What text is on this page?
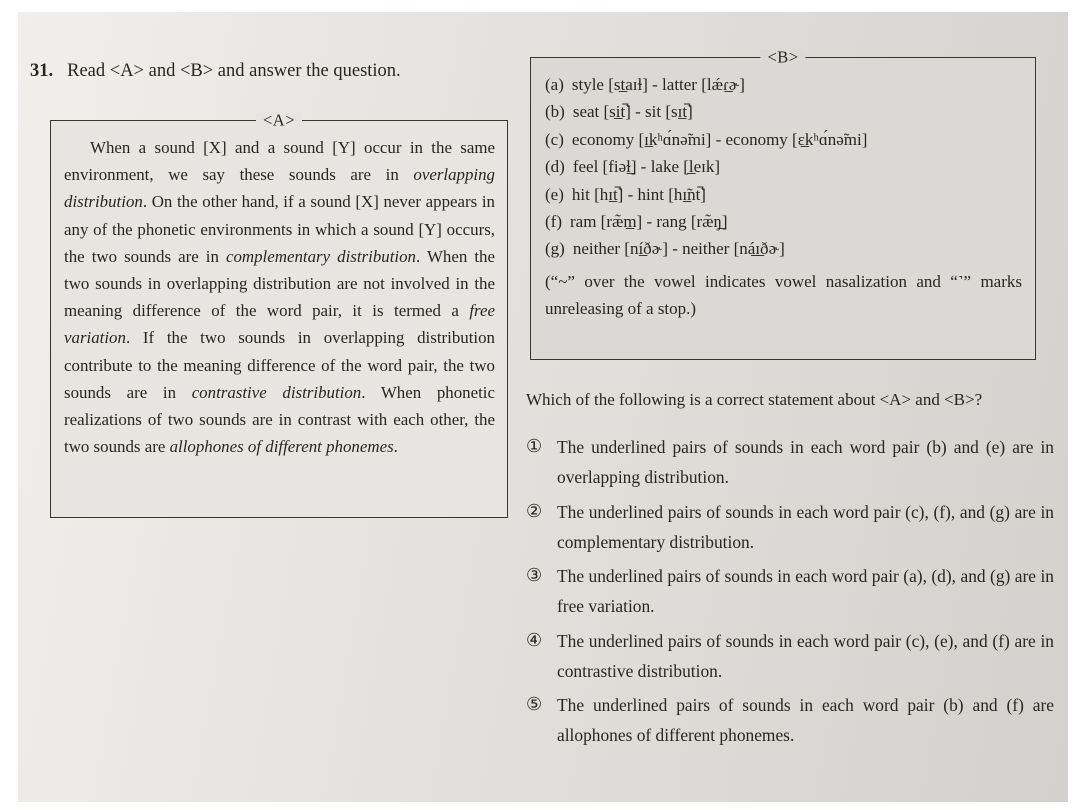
31. Read <A> and <B> and answer the question.
<A>

When a sound [X] and a sound [Y] occur in the same environment, we say these sounds are in overlapping distribution. On the other hand, if a sound [X] never appears in any of the phonetic environments in which a sound [Y] occurs, the two sounds are in complementary distribution. When the two sounds in overlapping distribution are not involved in the meaning difference of the word pair, it is termed a free variation. If the two sounds in overlapping distribution contribute to the meaning difference of the word pair, the two sounds are in contrastive distribution. When phonetic realizations of two sounds are in contrast with each other, the two sounds are allophones of different phonemes.

<B>
(a) style [st̲aɪɫ] - latter [lǽɾ̲ɚ]
(b) seat [si̲t̚] - sit [sɪ̲t̚]
(c) economy [ɪ̲kʰɑ́nə̃mi] - economy [ɛ̲kʰɑ́nə̃mi]
(d) feel [fiəɫ̲] - lake [l̲eɪk]
(e) hit [hɪ̲t̚] - hint [hɪ̲̃nt̚]
(f) ram [ræ̃m̲] - rang [ræ̃ŋ̲]
(g) neither [ní̲ðɚ] - neither [ná̲ɪ̲ðɚ]

(“~” over the vowel indicates vowel nasalization and “˺” marks unreleasing of a stop.)

Which of the following is a correct statement about <A> and <B>?
① The underlined pairs of sounds in each word pair (b) and (e) are in overlapping distribution.
② The underlined pairs of sounds in each word pair (c), (f), and (g) are in complementary distribution.
③ The underlined pairs of sounds in each word pair (a), (d), and (g) are in free variation.
④ The underlined pairs of sounds in each word pair (c), (e), and (f) are in contrastive distribution.
⑤ The underlined pairs of sounds in each word pair (b) and (f) are allophones of different phonemes.
